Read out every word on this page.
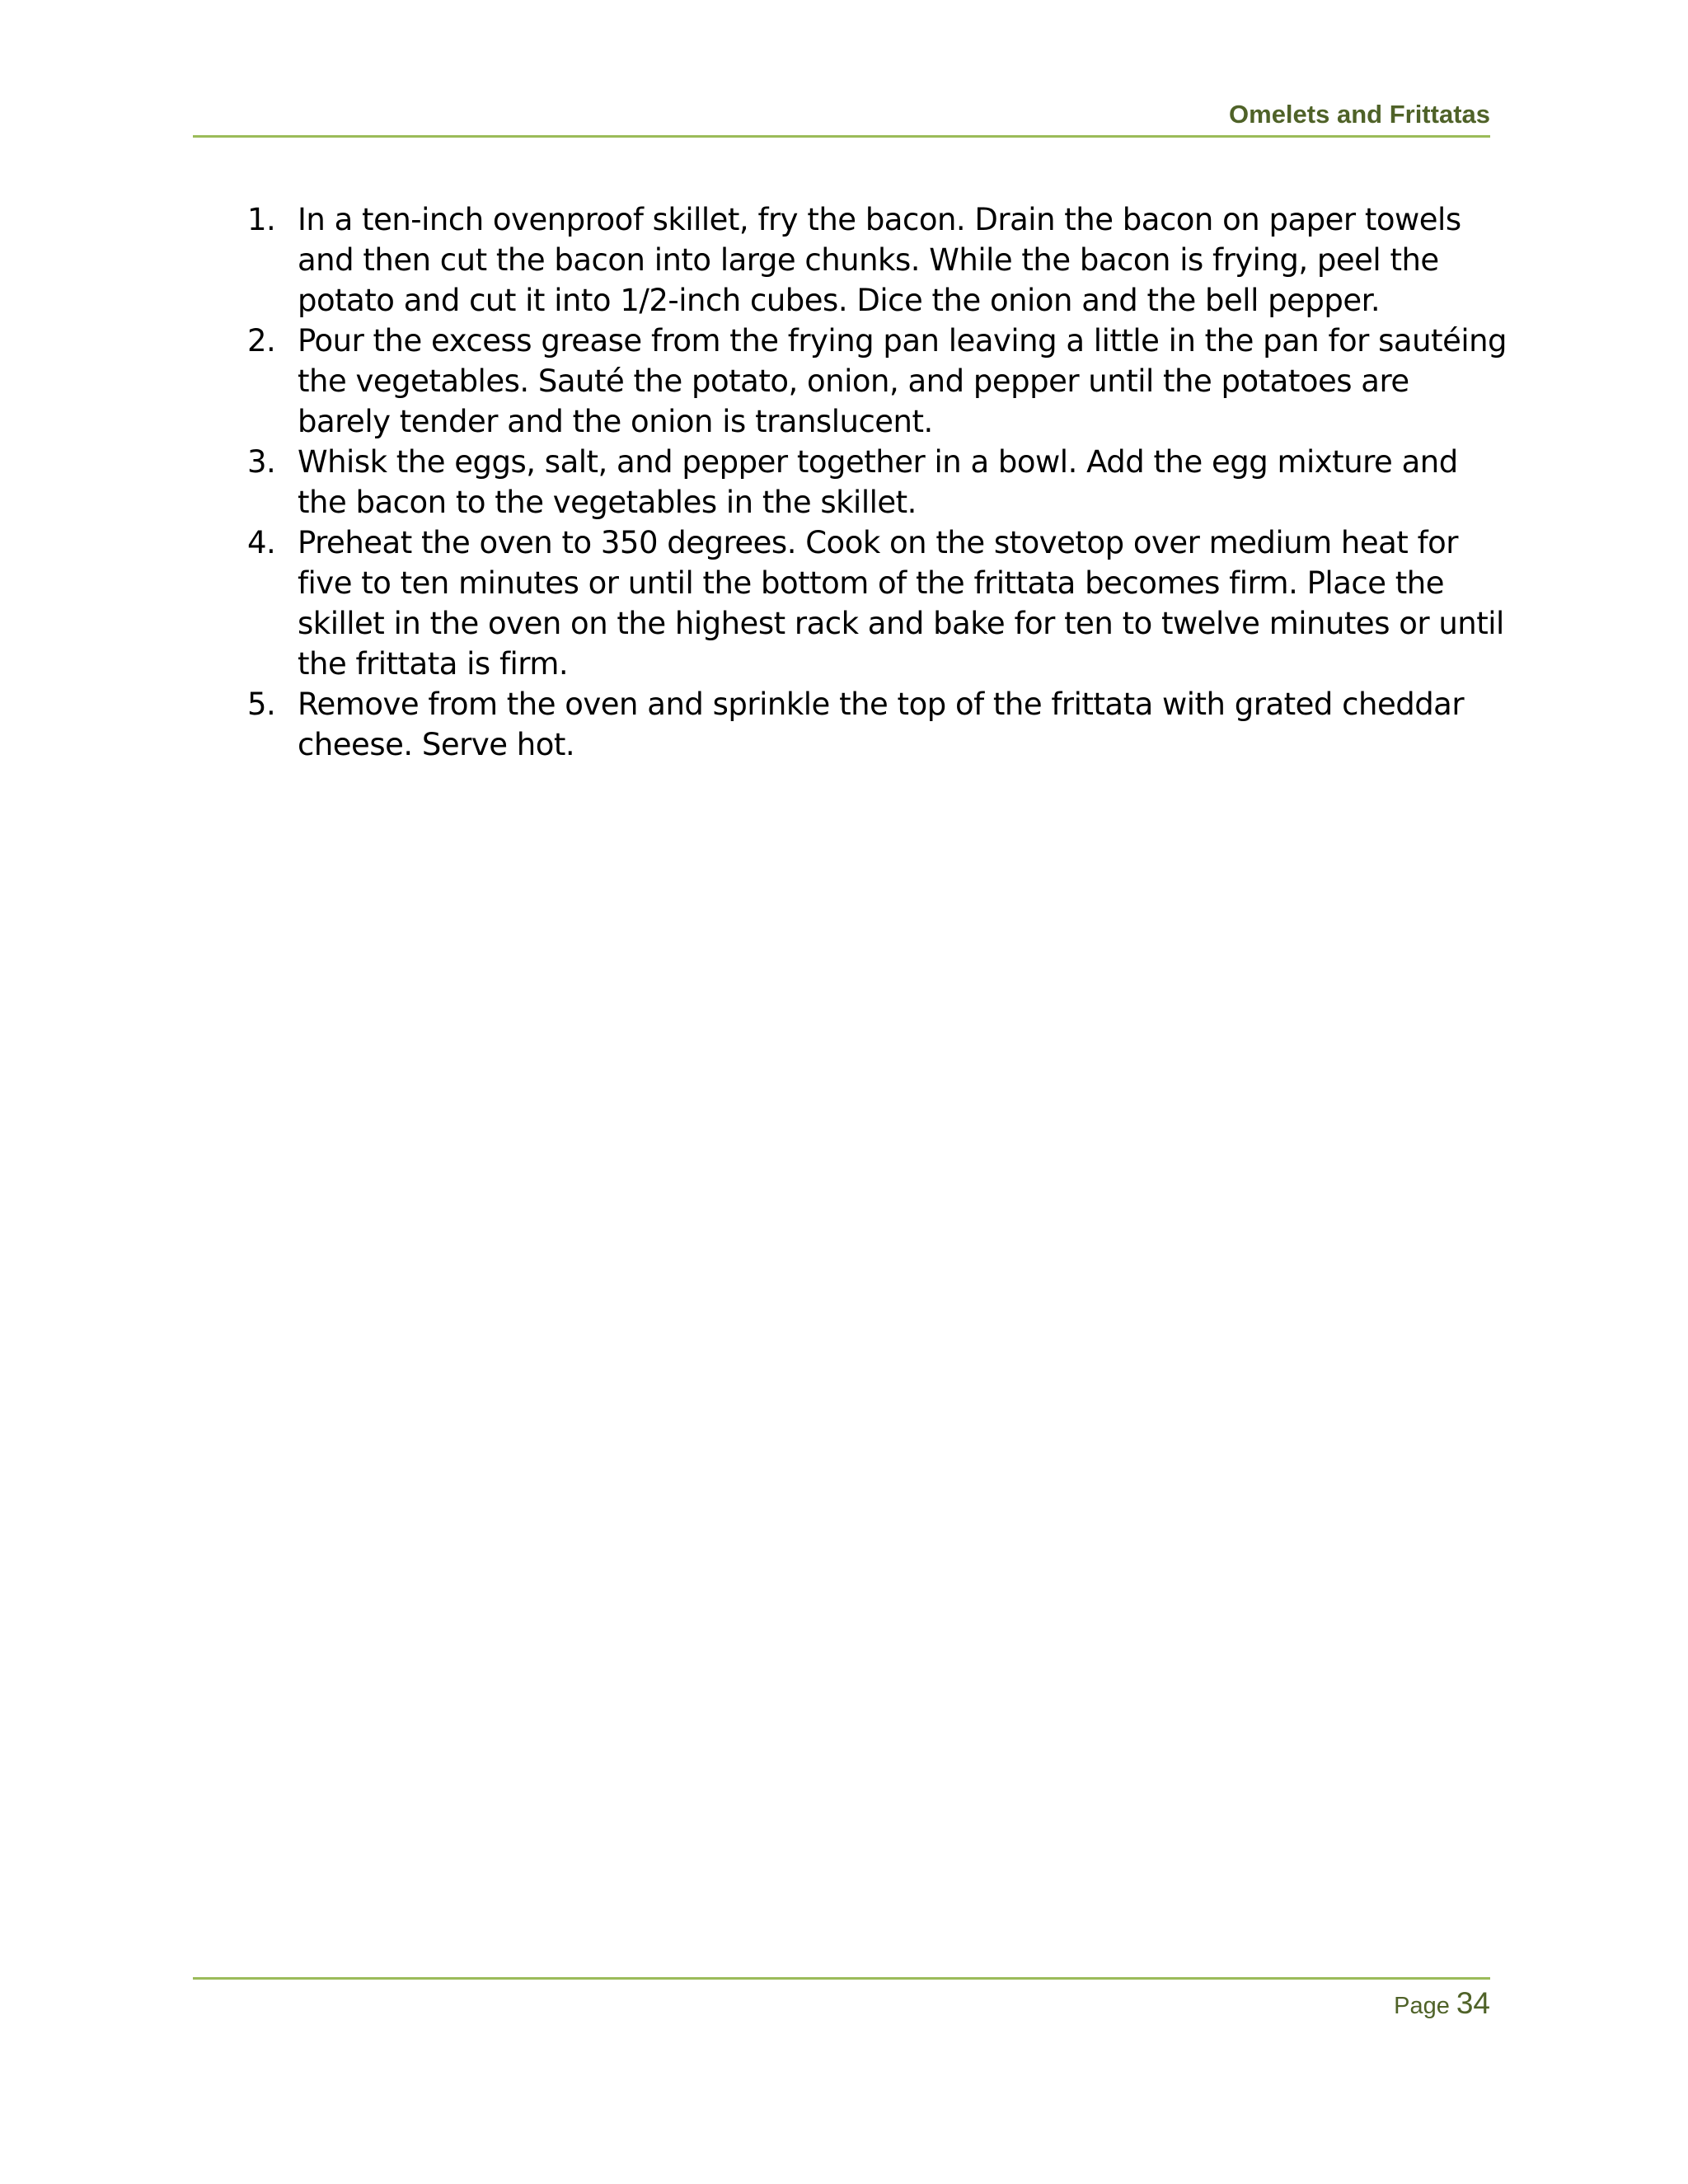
Omelets and Frittatas
1. In a ten-inch ovenproof skillet, fry the bacon. Drain the bacon on paper towels and then cut the bacon into large chunks. While the bacon is frying, peel the potato and cut it into 1/2-inch cubes. Dice the onion and the bell pepper.
2. Pour the excess grease from the frying pan leaving a little in the pan for sautéing the vegetables. Sauté the potato, onion, and pepper until the potatoes are barely tender and the onion is translucent.
3. Whisk the eggs, salt, and pepper together in a bowl. Add the egg mixture and the bacon to the vegetables in the skillet.
4. Preheat the oven to 350 degrees. Cook on the stovetop over medium heat for five to ten minutes or until the bottom of the frittata becomes firm. Place the skillet in the oven on the highest rack and bake for ten to twelve minutes or until the frittata is firm.
5. Remove from the oven and sprinkle the top of the frittata with grated cheddar cheese. Serve hot.
Page 34
